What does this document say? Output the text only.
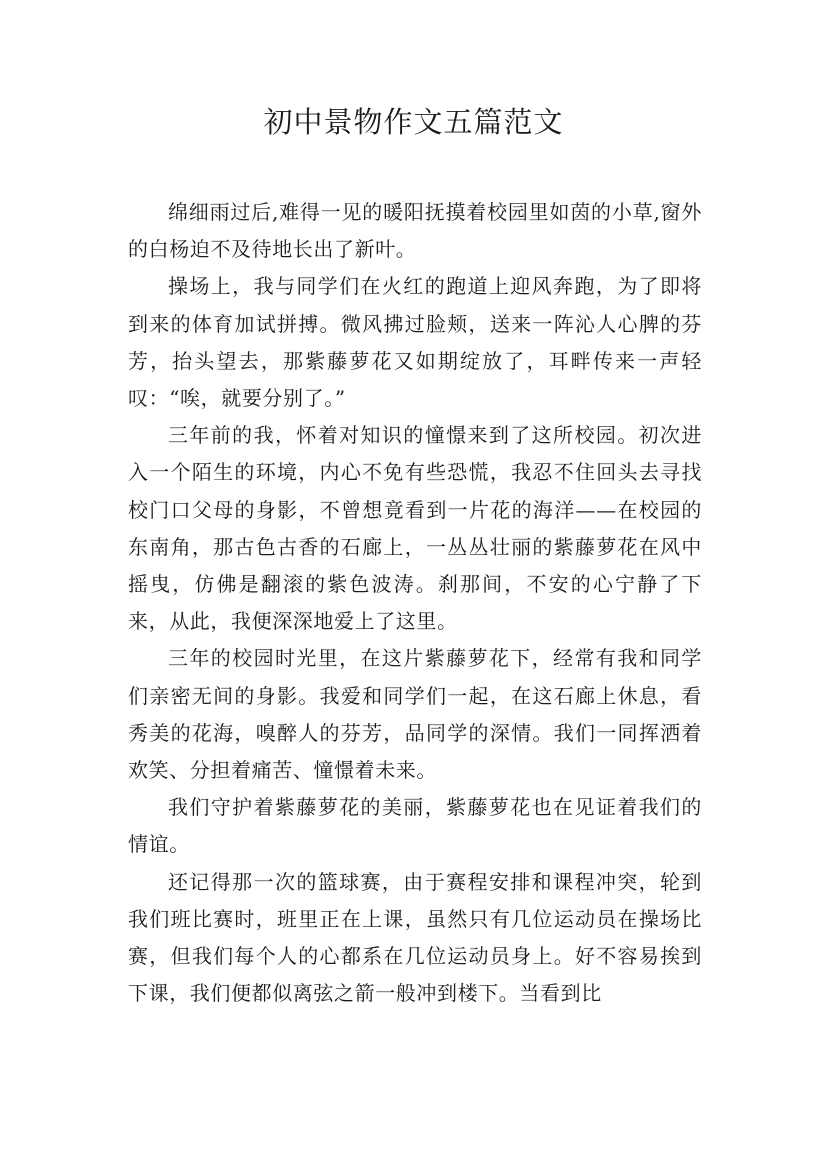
初中景物作文五篇范文

绵细雨过后,难得一见的暖阳抚摸着校园里如茵的小草,窗外的白杨迫不及待地长出了新叶。

操场上，我与同学们在火红的跑道上迎风奔跑，为了即将到来的体育加试拼搏。微风拂过脸颊，送来一阵沁人心脾的芬芳，抬头望去，那紫藤萝花又如期绽放了，耳畔传来一声轻叹：“唉，就要分别了。”

三年前的我，怀着对知识的憧憬来到了这所校园。初次进入一个陌生的环境，内心不免有些恐慌，我忍不住回头去寻找校门口父母的身影，不曾想竟看到一片花的海洋——在校园的东南角，那古色古香的石廊上，一丛丛壮丽的紫藤萝花在风中摇曳，仿佛是翻滚的紫色波涛。刹那间，不安的心宁静了下来，从此，我便深深地爱上了这里。

三年的校园时光里，在这片紫藤萝花下，经常有我和同学们亲密无间的身影。我爱和同学们一起，在这石廊上休息，看秀美的花海，嗅醉人的芬芳，品同学的深情。我们一同挥洒着欢笑、分担着痛苦、憧憬着未来。

我们守护着紫藤萝花的美丽，紫藤萝花也在见证着我们的情谊。

还记得那一次的篮球赛，由于赛程安排和课程冲突，轮到我们班比赛时，班里正在上课，虽然只有几位运动员在操场比赛，但我们每个人的心都系在几位运动员身上。好不容易挨到下课，我们便都似离弦之箭一般冲到楼下。当看到比
